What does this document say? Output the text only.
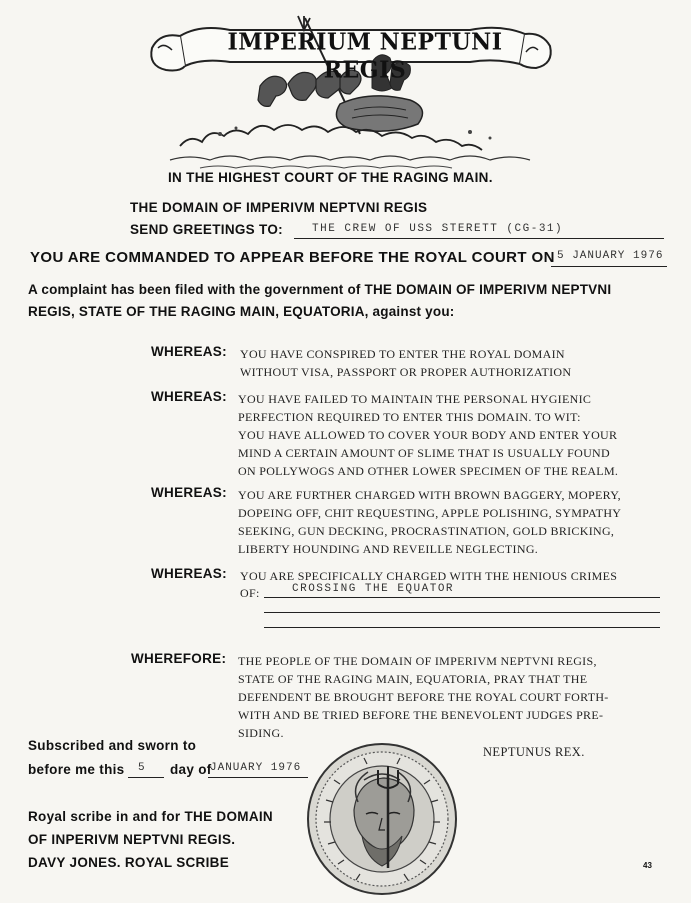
IMPERIUM NEPTUNI REGIS
IN THE HIGHEST COURT OF THE RAGING MAIN.
THE DOMAIN OF IMPERIVM NEPTVNI REGIS
SEND GREETINGS TO:	THE CREW OF USS STERETT (CG-31)
YOU ARE COMMANDED TO APPEAR BEFORE THE ROYAL COURT ON 5 JANUARY 1976
A complaint has been filed with the government of THE DOMAIN OF IMPERIVM NEPTVNI
REGIS, STATE OF THE RAGING MAIN, EQUATORIA, against you:
WHEREAS: YOU HAVE CONSPIRED TO ENTER THE ROYAL DOMAIN
WITHOUT VISA, PASSPORT OR PROPER AUTHORIZATION
WHEREAS: YOU HAVE FAILED TO MAINTAIN THE PERSONAL HYGIENIC
PERFECTION REQUIRED TO ENTER THIS DOMAIN. TO WIT:
YOU HAVE ALLOWED TO COVER YOUR BODY AND ENTER YOUR
MIND A CERTAIN AMOUNT OF SLIME THAT IS USUALLY FOUND
ON POLLYWOGS AND OTHER LOWER SPECIMEN OF THE REALM.
WHEREAS: YOU ARE FURTHER CHARGED WITH BROWN BAGGERY, MOPERY,
DOPEING OFF, CHIT REQUESTING, APPLE POLISHING, SYMPATHY
SEEKING, GUN DECKING, PROCRASTINATION, GOLD BRICKING,
LIBERTY HOUNDING AND REVEILLE NEGLECTING.
WHEREAS: YOU ARE SPECIFICALLY CHARGED WITH THE HENIOUS CRIMES
OF:	CROSSING THE EQUATOR
WHEREFORE: THE PEOPLE OF THE DOMAIN OF IMPERIVM NEPTVNI REGIS,
STATE OF THE RAGING MAIN, EQUATORIA, PRAY THAT THE
DEFENDENT BE BROUGHT BEFORE THE ROYAL COURT FORTH-
WITH AND BE TRIED BEFORE THE BENEVOLENT JUDGES PRE-
SIDING.
Subscribed and sworn to
before me this 5 day of
JANUARY 1976
NEPTUNUS REX.
Royal scribe in and for THE DOMAIN
OF INPERIVM NEPTVNI REGIS.
DAVY JONES. ROYAL SCRIBE	43
